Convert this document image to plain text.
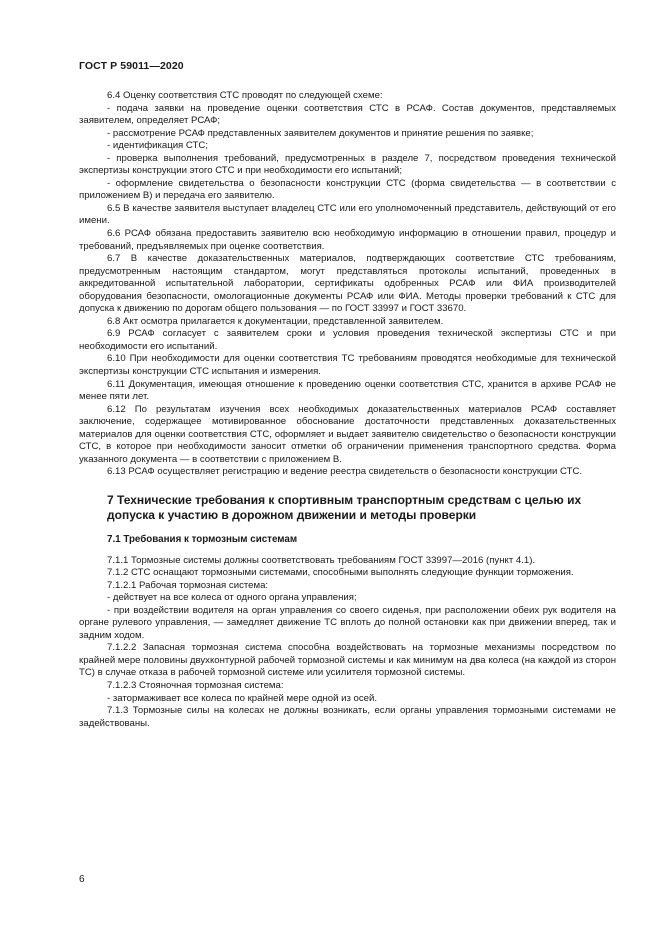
ГОСТ Р 59011—2020

6.4 Оценку соответствия СТС проводят по следующей схеме:

- подача заявки на проведение оценки соответствия СТС в РСАФ. Состав документов, представляемых заявителем, определяет РСАФ;

- рассмотрение РСАФ представленных заявителем документов и принятие решения по заявке;

- идентификация СТС;

- проверка выполнения требований, предусмотренных в разделе 7, посредством проведения технической экспертизы конструкции этого СТС и при необходимости его испытаний;

- оформление свидетельства о безопасности конструкции СТС (форма свидетельства — в соответствии с приложением В) и передача его заявителю.

6.5 В качестве заявителя выступает владелец СТС или его уполномоченный представитель, действующий от его имени.

6.6 РСАФ обязана предоставить заявителю всю необходимую информацию в отношении правил, процедур и требований, предъявляемых при оценке соответствия.

6.7 В качестве доказательственных материалов, подтверждающих соответствие СТС требованиям, предусмотренным настоящим стандартом, могут представляться протоколы испытаний, проведенных в аккредитованной испытательной лаборатории, сертификаты одобренных РСАФ или ФИА производителей оборудования безопасности, омологационные документы РСАФ или ФИА. Методы проверки требований к СТС для допуска к движению по дорогам общего пользования — по ГОСТ 33997 и ГОСТ 33670.

6.8 Акт осмотра прилагается к документации, представленной заявителем.

6.9 РСАФ согласует с заявителем сроки и условия проведения технической экспертизы СТС и при необходимости его испытаний.

6.10 При необходимости для оценки соответствия ТС требованиям проводятся необходимые для технической экспертизы конструкции СТС испытания и измерения.

6.11 Документация, имеющая отношение к проведению оценки соответствия СТС, хранится в архиве РСАФ не менее пяти лет.

6.12 По результатам изучения всех необходимых доказательственных материалов РСАФ составляет заключение, содержащее мотивированное обоснование достаточности представленных доказательственных материалов для оценки соответствия СТС, оформляет и выдает заявителю свидетельство о безопасности конструкции СТС, в которое при необходимости заносит отметки об ограничении применения транспортного средства. Форма указанного документа — в соответствии с приложением В.

6.13 РСАФ осуществляет регистрацию и ведение реестра свидетельств о безопасности конструкции СТС.

7 Технические требования к спортивным транспортным средствам с целью их допуска к участию в дорожном движении и методы проверки

7.1 Требования к тормозным системам

7.1.1 Тормозные системы должны соответствовать требованиям ГОСТ 33997—2016 (пункт 4.1).

7.1.2 СТС оснащают тормозными системами, способными выполнять следующие функции торможения.

7.1.2.1 Рабочая тормозная система:

- действует на все колеса от одного органа управления;

- при воздействии водителя на орган управления со своего сиденья, при расположении обеих рук водителя на органе рулевого управления, — замедляет движение ТС вплоть до полной остановки как при движении вперед, так и задним ходом.

7.1.2.2 Запасная тормозная система способна воздействовать на тормозные механизмы посредством по крайней мере половины двухконтурной рабочей тормозной системы и как минимум на два колеса (на каждой из сторон ТС) в случае отказа в рабочей тормозной системе или усилителя тормозной системы.

7.1.2.3 Стояночная тормозная система:

- затормаживает все колеса по крайней мере одной из осей.

7.1.3 Тормозные силы на колесах не должны возникать, если органы управления тормозными системами не задействованы.

6
